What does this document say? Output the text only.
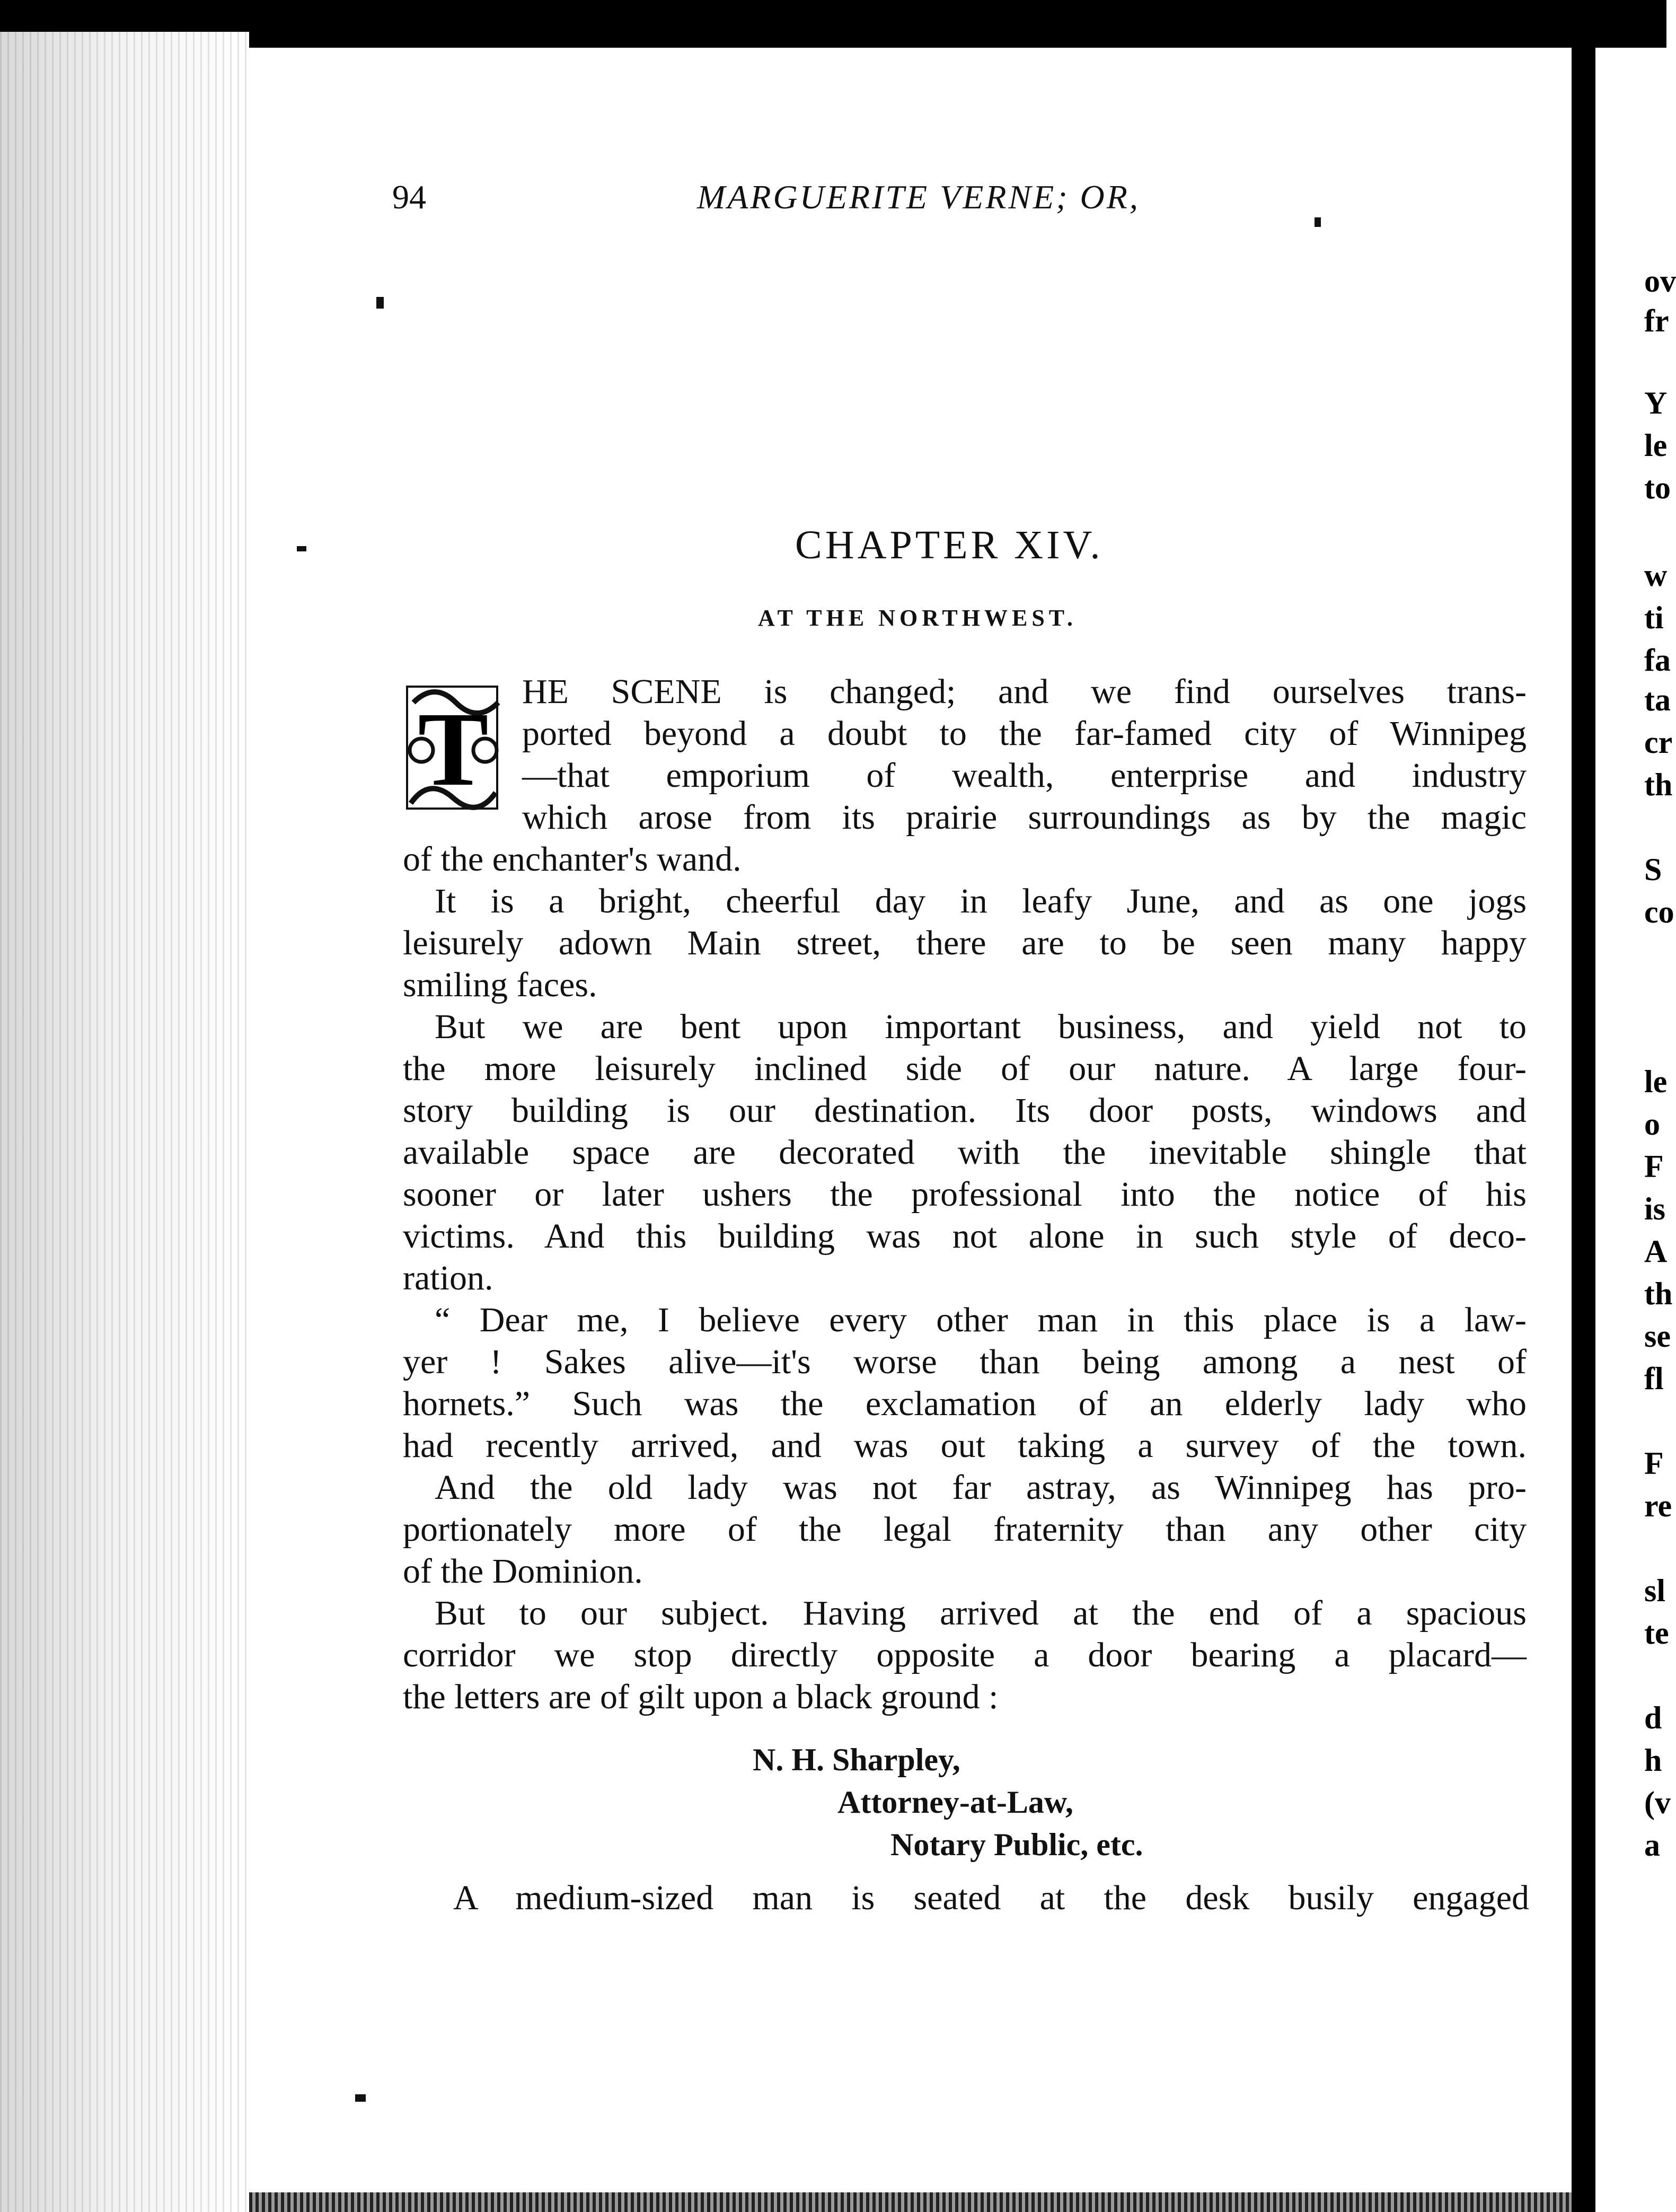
ov
fr
Y
le
to
w
ti
fa
ta
cr
th
S
co
le
o
F
is
A
th
se
fl
F
re
sl
te
d
h
(v
a
94	MARGUERITE VERNE; OR,
CHAPTER XIV.
AT THE NORTHWEST.
T HE SCENE is changed; and we find ourselves trans-
ported beyond a doubt to the far-famed city of Winnipeg
—that emporium of wealth, enterprise and industry
which arose from its prairie surroundings as by the magic
of the enchanter's wand.
It is a bright, cheerful day in leafy June, and as one jogs
leisurely adown Main street, there are to be seen many happy
smiling faces.
But we are bent upon important business, and yield not to
the more leisurely inclined side of our nature. A large four-
story building is our destination. Its door posts, windows and
available space are decorated with the inevitable shingle that
sooner or later ushers the professional into the notice of his
victims. And this building was not alone in such style of deco-
ration.
“ Dear me, I believe every other man in this place is a law-
yer ! Sakes alive—it's worse than being among a nest of
hornets.” Such was the exclamation of an elderly lady who
had recently arrived, and was out taking a survey of the town.
And the old lady was not far astray, as Winnipeg has pro-
portionately more of the legal fraternity than any other city
of the Dominion.
But to our subject. Having arrived at the end of a spacious
corridor we stop directly opposite a door bearing a placard—
the letters are of gilt upon a black ground :
N. H. Sharpley,
Attorney-at-Law,
Notary Public, etc.
A medium-sized man is seated at the desk busily engaged
